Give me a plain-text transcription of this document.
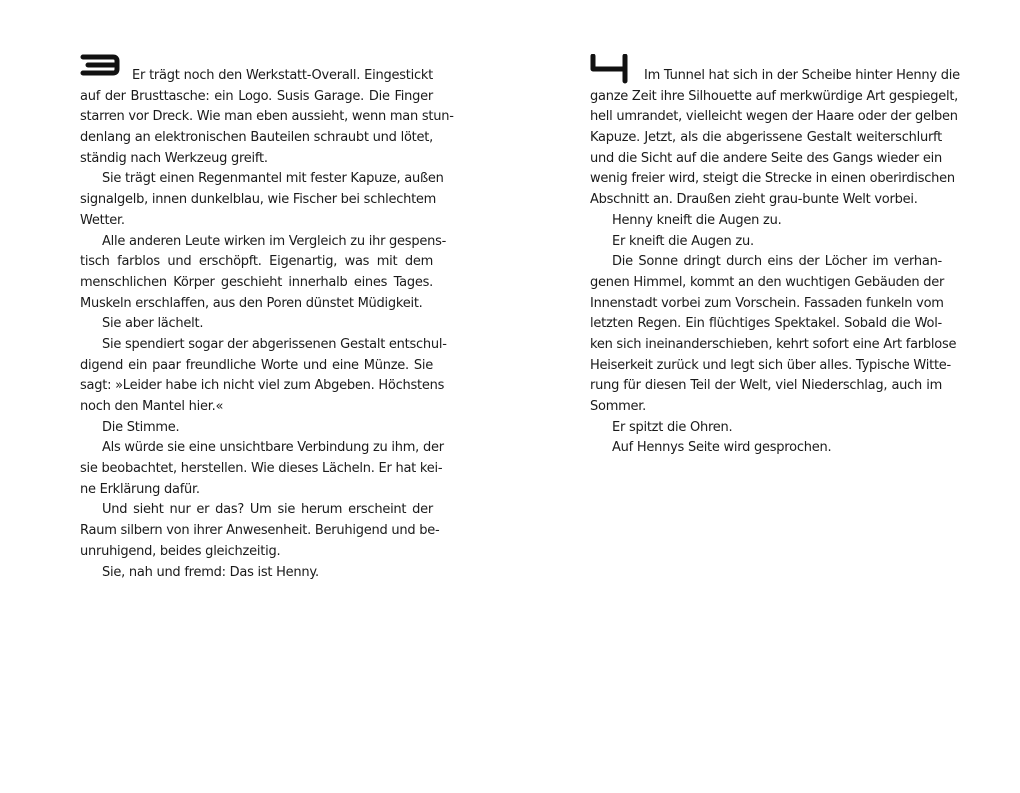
Er trägt noch den Werkstatt-Overall. Eingestickt
auf der Brusttasche: ein Logo. Susis Garage. Die Finger
starren vor Dreck. Wie man eben aussieht, wenn man stun-
denlang an elektronischen Bauteilen schraubt und lötet,
ständig nach Werkzeug greift.
Sie trägt einen Regenmantel mit fester Kapuze, außen
signalgelb, innen dunkelblau, wie Fischer bei schlechtem
Wetter.
Alle anderen Leute wirken im Vergleich zu ihr gespens-
tisch farblos und erschöpft. Eigenartig, was mit dem
menschlichen Körper geschieht innerhalb eines Tages.
Muskeln erschlaffen, aus den Poren dünstet Müdigkeit.
Sie aber lächelt.
Sie spendiert sogar der abgerissenen Gestalt entschul-
digend ein paar freundliche Worte und eine Münze. Sie
sagt: »Leider habe ich nicht viel zum Abgeben. Höchstens
noch den Mantel hier.«
Die Stimme.
Als würde sie eine unsichtbare Verbindung zu ihm, der
sie beobachtet, herstellen. Wie dieses Lächeln. Er hat kei-
ne Erklärung dafür.
Und sieht nur er das? Um sie herum erscheint der
Raum silbern von ihrer Anwesenheit. Beruhigend und be-
unruhigend, beides gleichzeitig.
Sie, nah und fremd: Das ist Henny.
Im Tunnel hat sich in der Scheibe hinter Henny die
ganze Zeit ihre Silhouette auf merkwürdige Art gespiegelt,
hell umrandet, vielleicht wegen der Haare oder der gelben
Kapuze. Jetzt, als die abgerissene Gestalt weiterschlurft
und die Sicht auf die andere Seite des Gangs wieder ein
wenig freier wird, steigt die Strecke in einen oberirdischen
Abschnitt an. Draußen zieht grau-bunte Welt vorbei.
Henny kneift die Augen zu.
Er kneift die Augen zu.
Die Sonne dringt durch eins der Löcher im verhan-
genen Himmel, kommt an den wuchtigen Gebäuden der
Innenstadt vorbei zum Vorschein. Fassaden funkeln vom
letzten Regen. Ein flüchtiges Spektakel. Sobald die Wol-
ken sich ineinanderschieben, kehrt sofort eine Art farblose
Heiserkeit zurück und legt sich über alles. Typische Witte-
rung für diesen Teil der Welt, viel Niederschlag, auch im
Sommer.
Er spitzt die Ohren.
Auf Hennys Seite wird gesprochen.
